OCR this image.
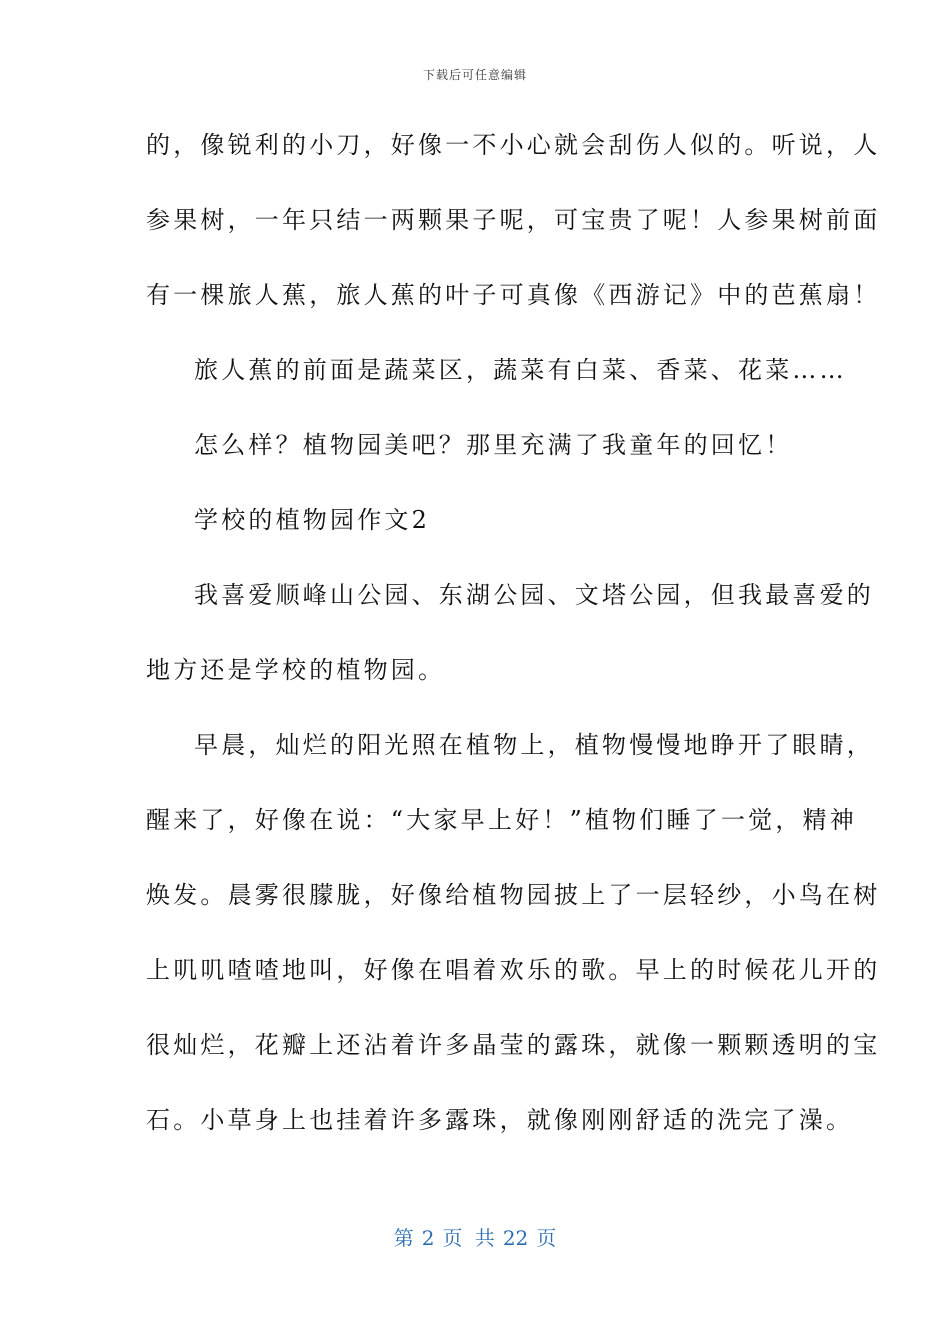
下载后可任意编辑
的，像锐利的小刀，好像一不小心就会刮伤人似的。听说，人
参果树，一年只结一两颗果子呢，可宝贵了呢！人参果树前面
有一棵旅人蕉，旅人蕉的叶子可真像《西游记》中的芭蕉扇！
旅人蕉的前面是蔬菜区，蔬菜有白菜、香菜、花菜……
怎么样？植物园美吧？那里充满了我童年的回忆！
学校的植物园作文2
我喜爱顺峰山公园、东湖公园、文塔公园，但我最喜爱的
地方还是学校的植物园。
早晨，灿烂的阳光照在植物上，植物慢慢地睁开了眼睛，
醒来了，好像在说：“大家早上好！”植物们睡了一觉，精神
焕发。晨雾很朦胧，好像给植物园披上了一层轻纱，小鸟在树
上叽叽喳喳地叫，好像在唱着欢乐的歌。早上的时候花儿开的
很灿烂，花瓣上还沾着许多晶莹的露珠，就像一颗颗透明的宝
石。小草身上也挂着许多露珠，就像刚刚舒适的洗完了澡。
第 2 页 共 22 页
